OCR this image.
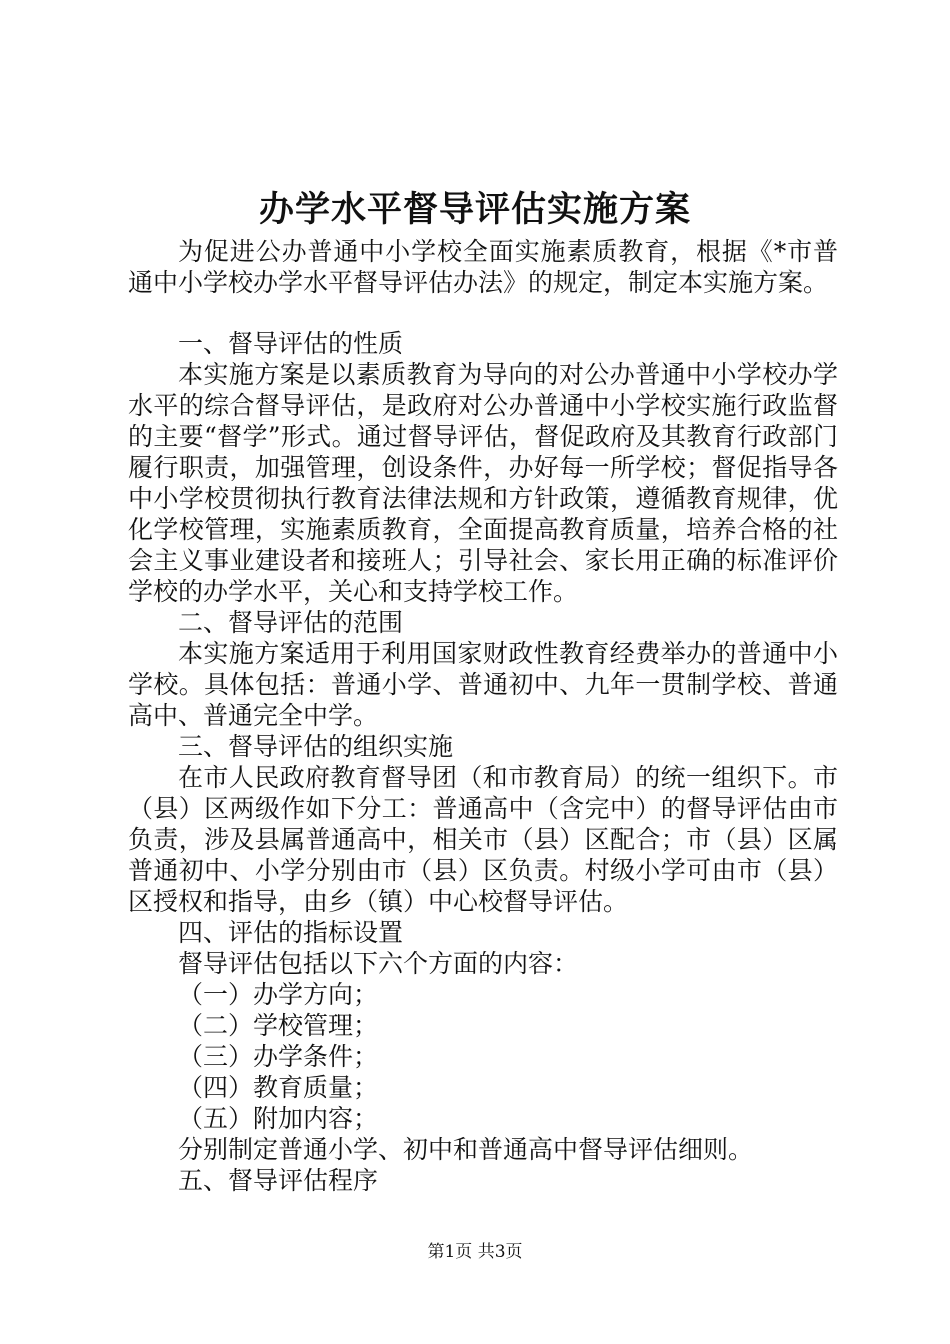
办学水平督导评估实施方案

为促进公办普通中小学校全面实施素质教育，根据《*市普通中小学校办学水平督导评估办法》的规定，制定本实施方案。

一、督导评估的性质

本实施方案是以素质教育为导向的对公办普通中小学校办学水平的综合督导评估，是政府对公办普通中小学校实施行政监督的主要“督学”形式。通过督导评估，督促政府及其教育行政部门履行职责，加强管理，创设条件，办好每一所学校；督促指导各中小学校贯彻执行教育法律法规和方针政策，遵循教育规律，优化学校管理，实施素质教育，全面提高教育质量，培养合格的社会主义事业建设者和接班人；引导社会、家长用正确的标准评价学校的办学水平，关心和支持学校工作。

二、督导评估的范围

本实施方案适用于利用国家财政性教育经费举办的普通中小学校。具体包括：普通小学、普通初中、九年一贯制学校、普通高中、普通完全中学。

三、督导评估的组织实施

在市人民政府教育督导团（和市教育局）的统一组织下。市（县）区两级作如下分工：普通高中（含完中）的督导评估由市负责，涉及县属普通高中，相关市（县）区配合；市（县）区属普通初中、小学分别由市（县）区负责。村级小学可由市（县）区授权和指导，由乡（镇）中心校督导评估。

四、评估的指标设置

督导评估包括以下六个方面的内容：

（一）办学方向；

（二）学校管理；

（三）办学条件；

（四）教育质量；

（五）附加内容；

分别制定普通小学、初中和普通高中督导评估细则。

五、督导评估程序

第1页 共3页
